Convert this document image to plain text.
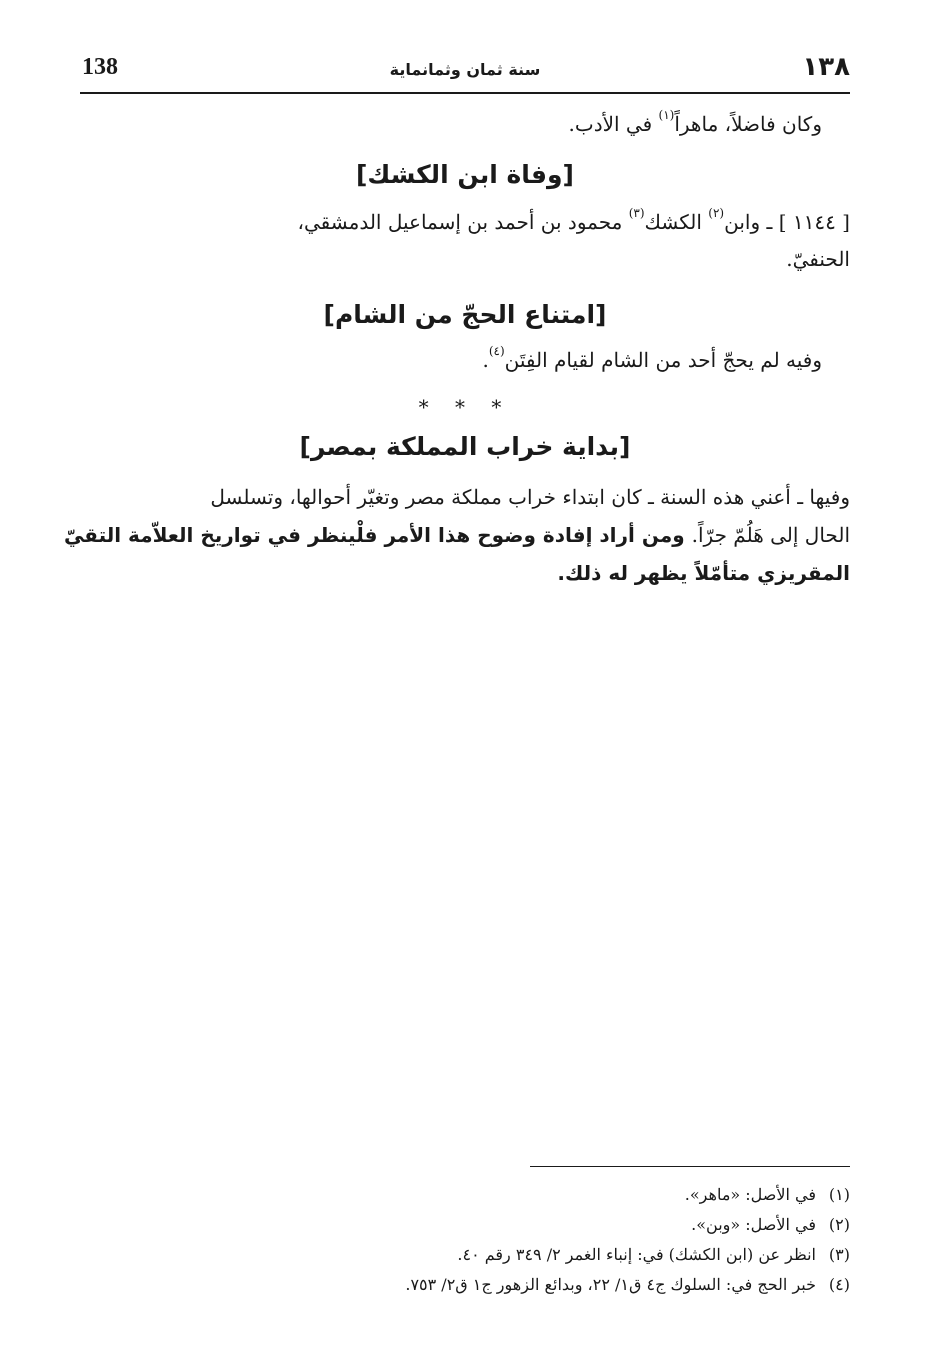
138	سنة ثمان وثمانماية	١٣٨
وكان فاضلاً، ماهراً$^{(١)}$ في الأدب.
[وفاة ابن الكشك]
[ ١١٤٤ ] ـ وابن$^{(٢)}$ الكشك$^{(٣)}$ محمود بن أحمد بن إسماعيل الدمشقي،
الحنفيّ.
[امتناع الحجّ من الشام]
وفيه لم يحجّ أحد من الشام لقيام الفِتَن$^{(٤)}$.
* * *
[بداية خراب المملكة بمصر]
وفيها ـ أعني هذه السنة ـ كان ابتداء خراب مملكة مصر وتغيّر أحوالها، وتسلسل
الحال إلى هَلُمّ جرّاً. ومن أراد إفادة وضوح هذا الأمر فلْينظر في تواريخ العلاّمة التقيّ
المقريزي متأمّلاً يظهر له ذلك.
(١)في الأصل: «ماهر».
(٢)في الأصل: «وبن».
(٣)انظر عن (ابن الكشك) في: إنباء الغمر ٢/ ٣٤٩ رقم ٤٠.
(٤)خبر الحج في: السلوك ج٤ ق١/ ٢٢، وبدائع الزهور ج١ ق٢/ ٧٥٣.
